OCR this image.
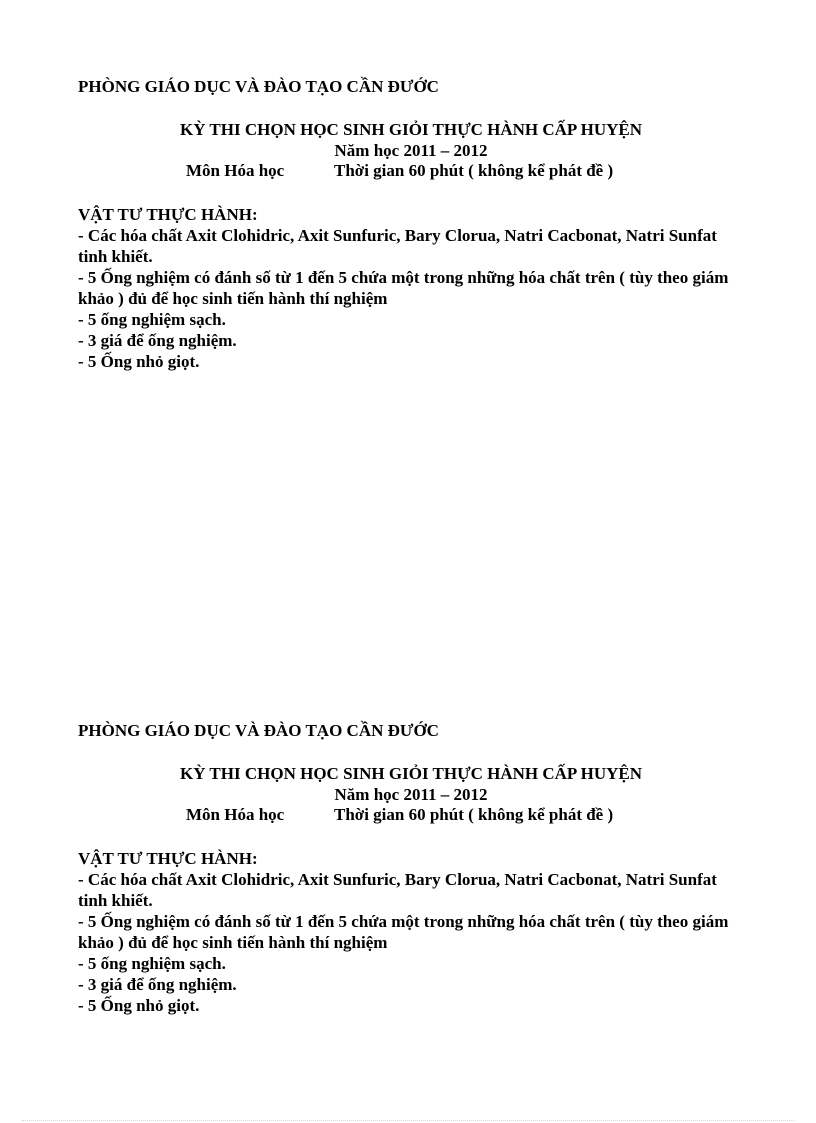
PHÒNG GIÁO DỤC VÀ ĐÀO TẠO CẦN ĐƯỚC
KỲ THI CHỌN HỌC SINH GIỎI THỰC HÀNH CẤP HUYỆN
Năm học 2011 – 2012
Môn Hóa học	Thời gian 60 phút ( không kể phát đề )
VẬT TƯ THỰC HÀNH:
- Các hóa chất Axit Clohidric, Axit Sunfuric, Bary Clorua, Natri Cacbonat, Natri Sunfat tinh khiết.
- 5 Ống nghiệm có đánh số từ 1 đến 5 chứa một trong những hóa chất trên ( tùy theo giám khảo ) đủ để học sinh tiến hành thí nghiệm
- 5 ống nghiệm sạch.
- 3 giá để ống nghiệm.
- 5 Ống nhỏ giọt.
PHÒNG GIÁO DỤC VÀ ĐÀO TẠO CẦN ĐƯỚC
KỲ THI CHỌN HỌC SINH GIỎI THỰC HÀNH CẤP HUYỆN
Năm học 2011 – 2012
Môn Hóa học	Thời gian 60 phút ( không kể phát đề )
VẬT TƯ THỰC HÀNH:
- Các hóa chất Axit Clohidric, Axit Sunfuric, Bary Clorua, Natri Cacbonat, Natri Sunfat tinh khiết.
- 5 Ống nghiệm có đánh số từ 1 đến 5 chứa một trong những hóa chất trên ( tùy theo giám khảo ) đủ để học sinh tiến hành thí nghiệm
- 5 ống nghiệm sạch.
- 3 giá để ống nghiệm.
- 5 Ống nhỏ giọt.
